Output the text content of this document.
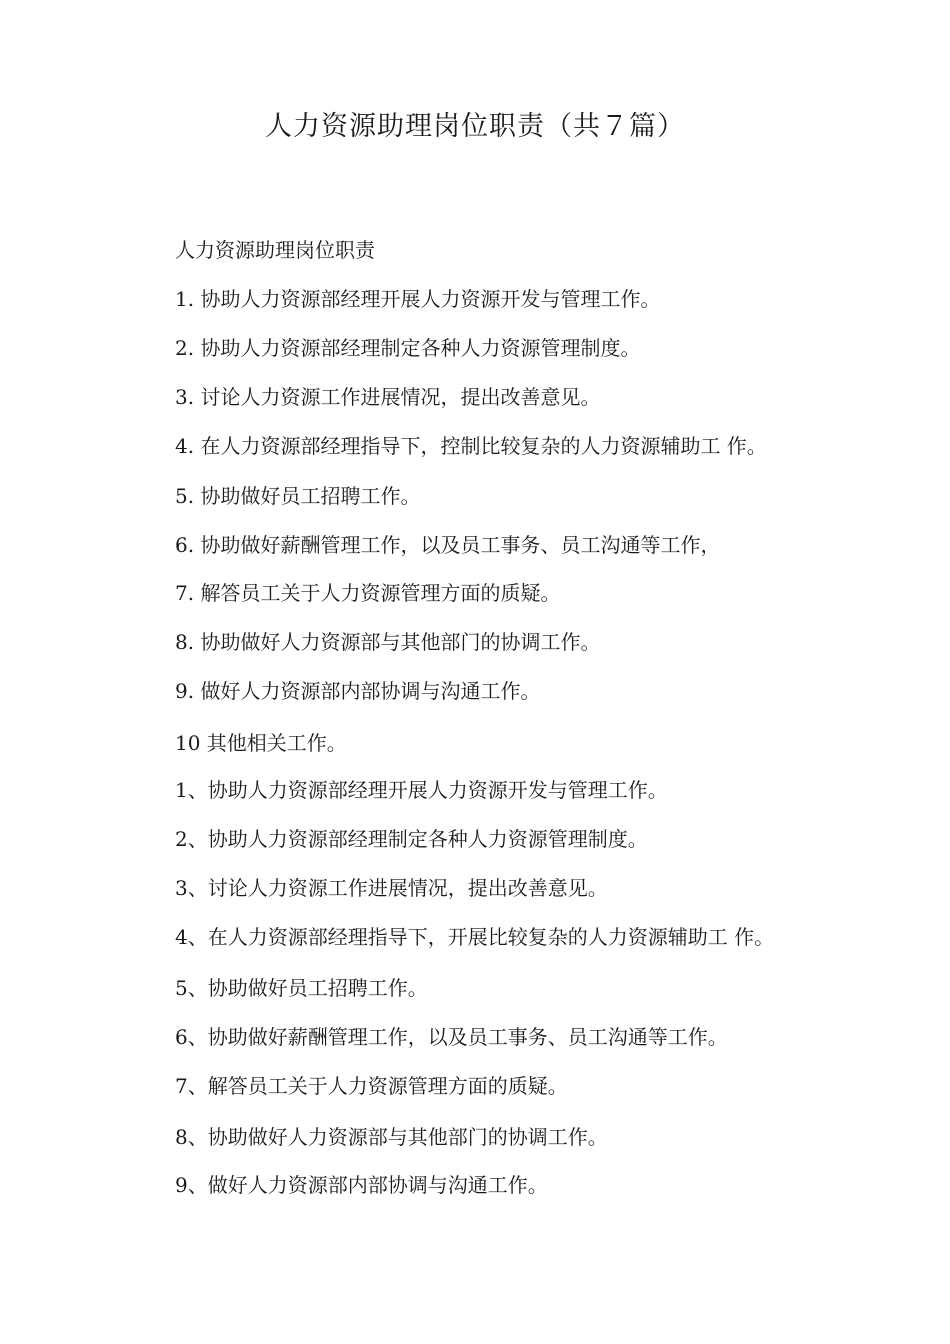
人力资源助理岗位职责（共７篇）
人力资源助理岗位职责
1. 协助人力资源部经理开展人力资源开发与管理工作。
2. 协助人力资源部经理制定各种人力资源管理制度。
3. 讨论人力资源工作进展情况，提出改善意见。
4. 在人力资源部经理指导下，控制比较复杂的人力资源辅助工 作。
5. 协助做好员工招聘工作。
6. 协助做好薪酬管理工作，以及员工事务、员工沟通等工作，
7. 解答员工关于人力资源管理方面的质疑。
8. 协助做好人力资源部与其他部门的协调工作。
9. 做好人力资源部内部协调与沟通工作。
10 其他相关工作。
1、协助人力资源部经理开展人力资源开发与管理工作。
2、协助人力资源部经理制定各种人力资源管理制度。
3、讨论人力资源工作进展情况，提出改善意见。
4、在人力资源部经理指导下，开展比较复杂的人力资源辅助工 作。
5、协助做好员工招聘工作。
6、协助做好薪酬管理工作，以及员工事务、员工沟通等工作。
7、解答员工关于人力资源管理方面的质疑。
8、协助做好人力资源部与其他部门的协调工作。
9、做好人力资源部内部协调与沟通工作。
